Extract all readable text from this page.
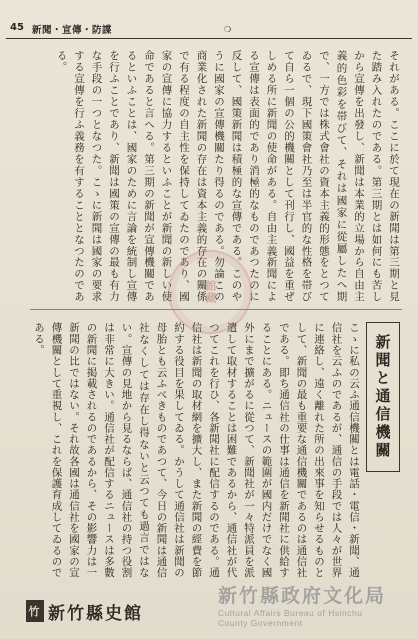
45 新聞・宣傳・防諜	❍
それがある。ここに於て現在の新聞は第三期と見た踏み入れたのである。第三期とは如何にも苦しから宣傳を出發し、新聞は本業的立場から自由主義的色彩を帯びて、それは國家に從屬したへ期で、一方では株式會社の資本主義的形態をとつてゐるで、現下國策會社乃至は半官的な性格を帯びて自ら一個の公的機關として刊行し、國益を重ぜしめる所に新聞の使命がある。自由主義新聞による宣傳は表面的であり消極的なものであつたのに反して、國策新聞は積極的な宣傳である。このやうに國家の宣傳機關たり得るのである。勿論この商業化された新聞の存在は資本主義的存在の關係で有る程度の自主性を保持してゐたのであり、國家の宣傳に協力するといふことが新聞の新しい使命であると言へる。第三期の新聞が宣傳機關であるといふことは、國家のために言論を統制し宣傳を行ふことであり、新聞は國策の宣傳の最も有力な手段の一つとなつた。こゝに新聞は國家の要求する宣傳を行ふ義務を有することとなつたのである。
館藏
新聞と通信機關
こゝに私の云ふ通信機關とは電話・電信・新聞、通信社を云ふのであるが、通信の手段では人々が世界に連絡し、遠く離れた所の出來事を知らせるものとして、新聞の最も重要な通信機關であるのは通信社である。即ち通信社の仕事は通信を新聞社に供給することにある。ニュースの範圍が國内だけでなく國外にまで擴がるに從つて、新聞社が一々特派員を派遣して取材することは困難であるから、通信社が代つてこれを行ひ、各新聞社に配信するのである。通信社は新聞の取材網を擴大し、また新聞の經費を節約する役目を果してゐる。かうして通信社は新聞の母胎とも云ふべきものであつて、今日の新聞は通信社なくしては存在し得ないと云つても過言ではない。宣傳の見地から見るならば、通信社の持つ役割は非常に大きい。通信社が配信するニュースは多數の新聞に掲載されるのであるから、その影響力は一新聞の比ではない。それ故各國は通信社を國家の宣傳機關として重視し、これを保護育成してゐるのである。
竹 新竹縣史館
新竹縣政府文化局
Cultural Affairs Bureau of Hsinchu
County Government
